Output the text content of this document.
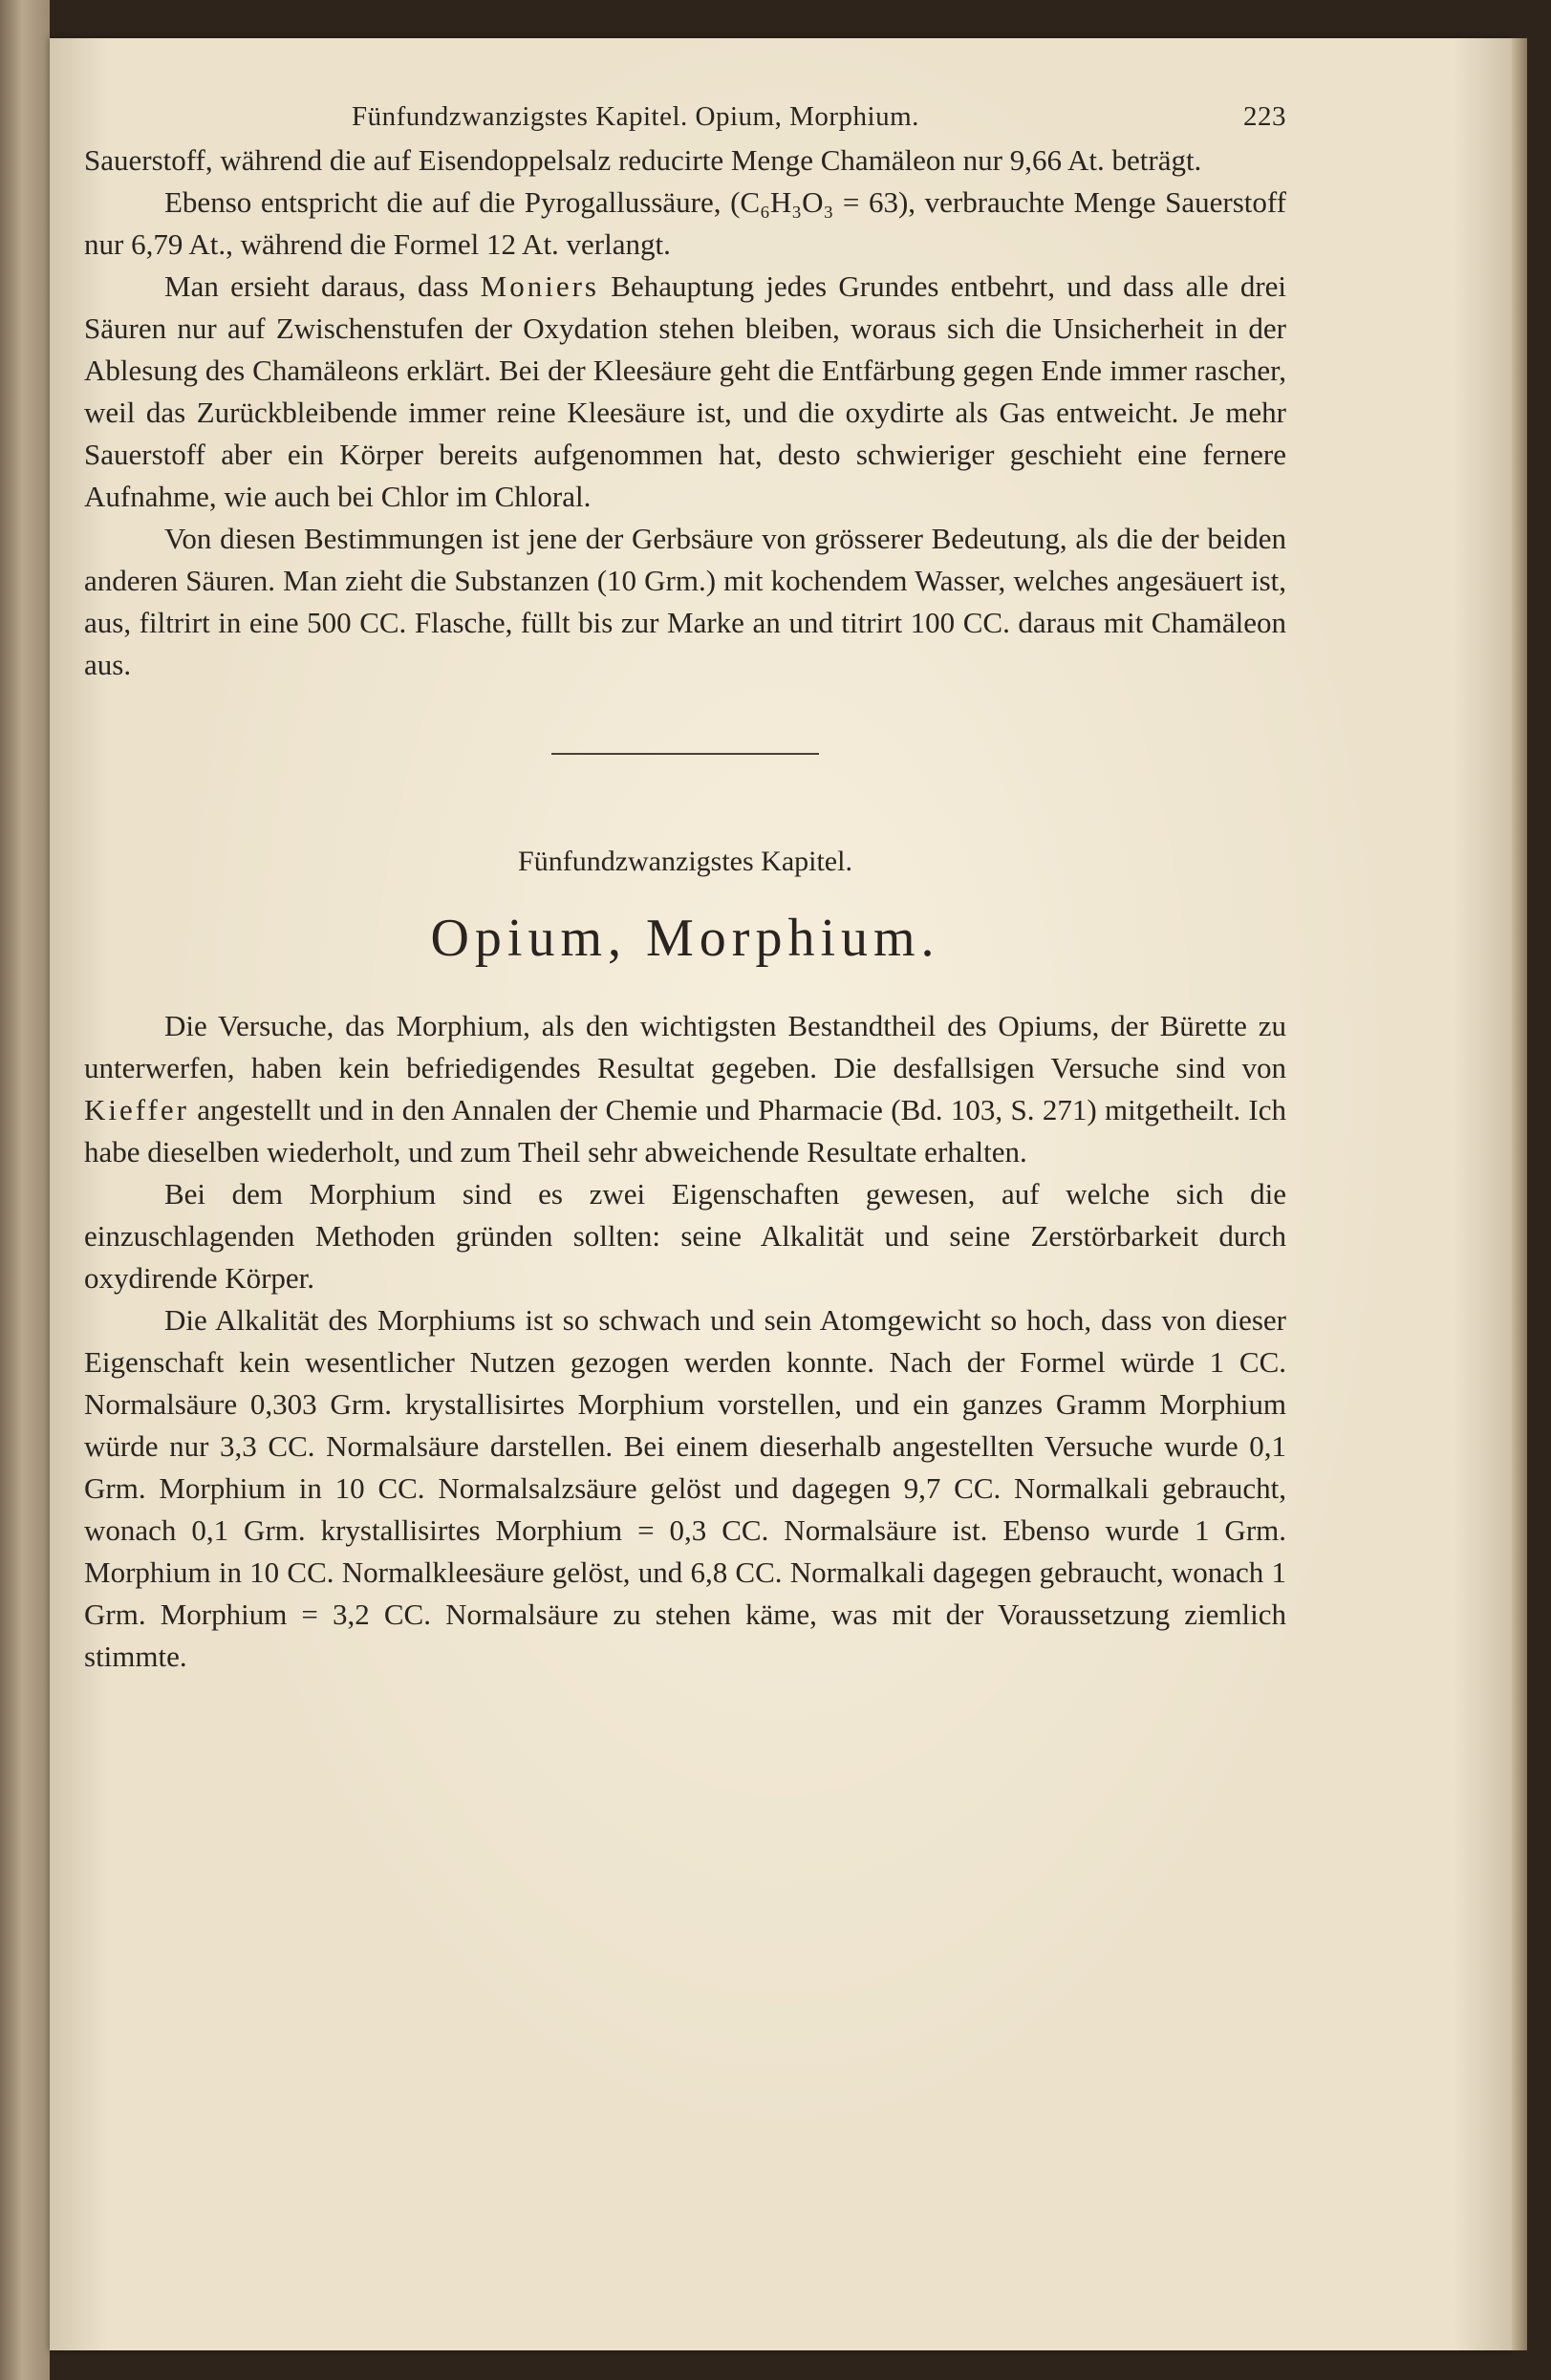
Fünfundzwanzigstes Kapitel. Opium, Morphium.	223

Sauerstoff, während die auf Eisendoppelsalz reducirte Menge Chamäleon nur 9,66 At. beträgt.

Ebenso entspricht die auf die Pyrogallussäure, (C₆H₃O₃ = 63), verbrauchte Menge Sauerstoff nur 6,79 At., während die Formel 12 At. verlangt.

Man ersieht daraus, dass Moniers Behauptung jedes Grundes entbehrt, und dass alle drei Säuren nur auf Zwischenstufen der Oxydation stehen bleiben, woraus sich die Unsicherheit in der Ablesung des Chamäleons erklärt. Bei der Kleesäure geht die Entfärbung gegen Ende immer rascher, weil das Zurückbleibende immer reine Kleesäure ist, und die oxydirte als Gas entweicht. Je mehr Sauerstoff aber ein Körper bereits aufgenommen hat, desto schwieriger geschieht eine fernere Aufnahme, wie auch bei Chlor im Chloral.

Von diesen Bestimmungen ist jene der Gerbsäure von grösserer Bedeutung, als die der beiden anderen Säuren. Man zieht die Substanzen (10 Grm.) mit kochendem Wasser, welches angesäuert ist, aus, filtrirt in eine 500 CC. Flasche, füllt bis zur Marke an und titrirt 100 CC. daraus mit Chamäleon aus.

Fünfundzwanzigstes Kapitel.
Opium, Morphium.

Die Versuche, das Morphium, als den wichtigsten Bestandtheil des Opiums, der Bürette zu unterwerfen, haben kein befriedigendes Resultat gegeben. Die desfallsigen Versuche sind von Kieffer angestellt und in den Annalen der Chemie und Pharmacie (Bd. 103, S. 271) mitgetheilt. Ich habe dieselben wiederholt, und zum Theil sehr abweichende Resultate erhalten.

Bei dem Morphium sind es zwei Eigenschaften gewesen, auf welche sich die einzuschlagenden Methoden gründen sollten: seine Alkalität und seine Zerstörbarkeit durch oxydirende Körper.

Die Alkalität des Morphiums ist so schwach und sein Atomgewicht so hoch, dass von dieser Eigenschaft kein wesentlicher Nutzen gezogen werden konnte. Nach der Formel würde 1 CC. Normalsäure 0,303 Grm. krystallisirtes Morphium vorstellen, und ein ganzes Gramm Morphium würde nur 3,3 CC. Normalsäure darstellen. Bei einem dieserhalb angestellten Versuche wurde 0,1 Grm. Morphium in 10 CC. Normalsalzsäure gelöst und dagegen 9,7 CC. Normalkali gebraucht, wonach 0,1 Grm. krystallisirtes Morphium = 0,3 CC. Normalsäure ist. Ebenso wurde 1 Grm. Morphium in 10 CC. Normalkleesäure gelöst, und 6,8 CC. Normalkali dagegen gebraucht, wonach 1 Grm. Morphium = 3,2 CC. Normalsäure zu stehen käme, was mit der Voraussetzung ziemlich stimmte.
